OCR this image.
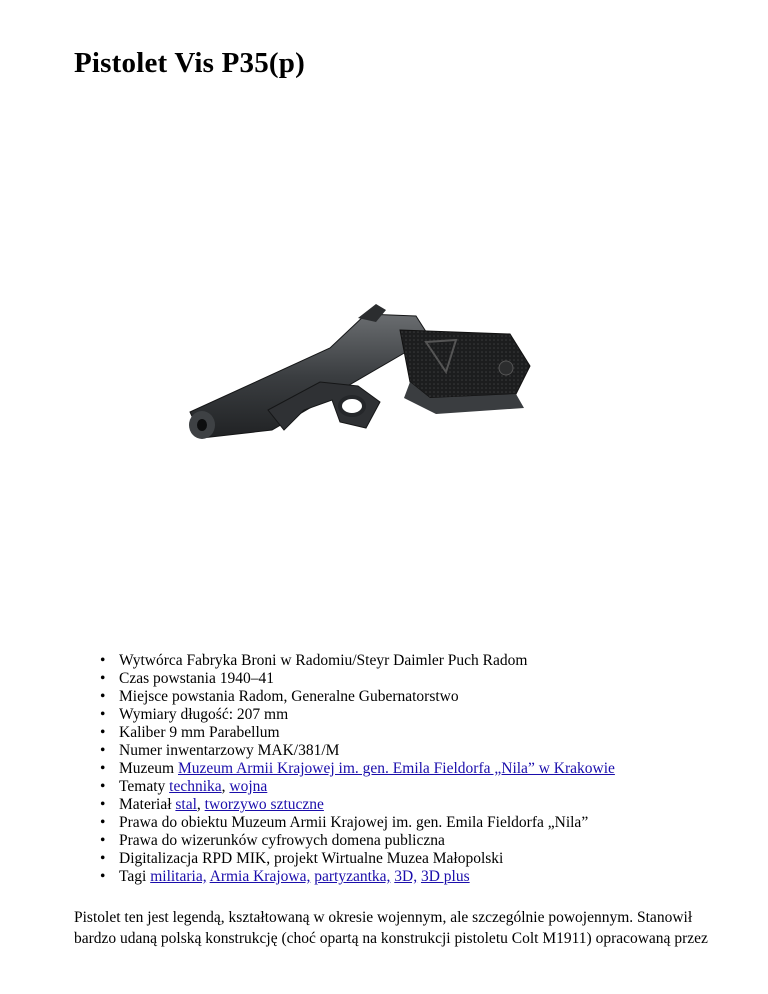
Pistolet Vis P35(p)
• Wytwórca Fabryka Broni w Radomiu/Steyr Daimler Puch Radom
• Czas powstania 1940–41
• Miejsce powstania Radom, Generalne Gubernatorstwo
• Wymiary długość: 207 mm
• Kaliber 9 mm Parabellum
• Numer inwentarzowy MAK/381/M
• Muzeum Muzeum Armii Krajowej im. gen. Emila Fieldorfa „Nila” w Krakowie
• Tematy technika, wojna
• Materiał stal, tworzywo sztuczne
• Prawa do obiektu Muzeum Armii Krajowej im. gen. Emila Fieldorfa „Nila”
• Prawa do wizerunków cyfrowych domena publiczna
• Digitalizacja RPD MIK, projekt Wirtualne Muzea Małopolski
• Tagi militaria, Armia Krajowa, partyzantka, 3D, 3D plus

Pistolet ten jest legendą, kształtowaną w okresie wojennym, ale szczególnie powojennym. Stanowił bardzo udaną polską konstrukcję (choć opartą na konstrukcji pistoletu Colt M1911) opracowaną przez
